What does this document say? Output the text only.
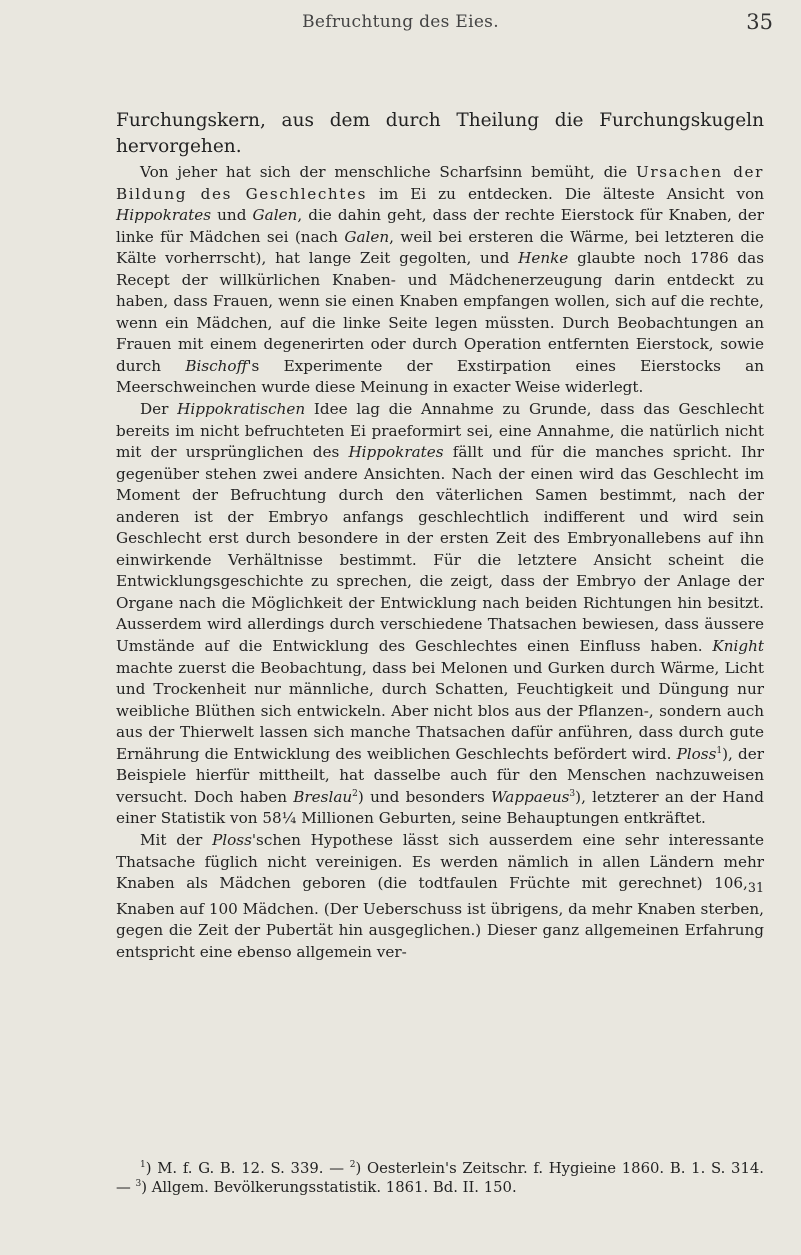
Befruchtung des Eies.	35

Furchungskern, aus dem durch Theilung die Furchungskugeln hervorgehen.

Von jeher hat sich der menschliche Scharfsinn bemüht, die Ursachen der Bildung des Geschlechtes im Ei zu entdecken. Die älteste Ansicht von Hippokrates und Galen, die dahin geht, dass der rechte Eierstock für Knaben, der linke für Mädchen sei (nach Galen, weil bei ersteren die Wärme, bei letzteren die Kälte vorherrscht), hat lange Zeit gegolten, und Henke glaubte noch 1786 das Recept der willkürlichen Knaben- und Mädchenerzeugung darin entdeckt zu haben, dass Frauen, wenn sie einen Knaben empfangen wollen, sich auf die rechte, wenn ein Mädchen, auf die linke Seite legen müssten. Durch Beobachtungen an Frauen mit einem degenerirten oder durch Operation entfernten Eierstock, sowie durch Bischoff's Experimente der Exstirpation eines Eierstocks an Meerschweinchen wurde diese Meinung in exacter Weise widerlegt.

Der Hippokratischen Idee lag die Annahme zu Grunde, dass das Geschlecht bereits im nicht befruchteten Ei praeformirt sei, eine Annahme, die natürlich nicht mit der ursprünglichen des Hippokrates fällt und für die manches spricht. Ihr gegenüber stehen zwei andere Ansichten. Nach der einen wird das Geschlecht im Moment der Befruchtung durch den väterlichen Samen bestimmt, nach der anderen ist der Embryo anfangs geschlechtlich indifferent und wird sein Geschlecht erst durch besondere in der ersten Zeit des Embryonallebens auf ihn einwirkende Verhältnisse bestimmt. Für die letztere Ansicht scheint die Entwicklungsgeschichte zu sprechen, die zeigt, dass der Embryo der Anlage der Organe nach die Möglichkeit der Entwicklung nach beiden Richtungen hin besitzt. Ausserdem wird allerdings durch verschiedene Thatsachen bewiesen, dass äussere Umstände auf die Entwicklung des Geschlechtes einen Einfluss haben. Knight machte zuerst die Beobachtung, dass bei Melonen und Gurken durch Wärme, Licht und Trockenheit nur männliche, durch Schatten, Feuchtigkeit und Düngung nur weibliche Blüthen sich entwickeln. Aber nicht blos aus der Pflanzen-, sondern auch aus der Thierwelt lassen sich manche Thatsachen dafür anführen, dass durch gute Ernährung die Entwicklung des weiblichen Geschlechts befördert wird. Ploss$^1$), der Beispiele hierfür mittheilt, hat dasselbe auch für den Menschen nachzuweisen versucht. Doch haben Breslau$^2$) und besonders Wappaeus$^3$), letzterer an der Hand einer Statistik von 58¼ Millionen Geburten, seine Behauptungen entkräftet.

Mit der Ploss'schen Hypothese lässt sich ausserdem eine sehr interessante Thatsache füglich nicht vereinigen. Es werden nämlich in allen Ländern mehr Knaben als Mädchen geboren (die todtfaulen Früchte mit gerechnet) $106,_{31}$ Knaben auf 100 Mädchen. (Der Ueberschuss ist übrigens, da mehr Knaben sterben, gegen die Zeit der Pubertät hin ausgeglichen.) Dieser ganz allgemeinen Erfahrung entspricht eine ebenso allgemein ver-

$^1$) M. f. G. B. 12. S. 339. — $^2$) Oesterlein's Zeitschr. f. Hygieine 1860. B. 1. S. 314. — $^3$) Allgem. Bevölkerungsstatistik. 1861. Bd. II. 150.
